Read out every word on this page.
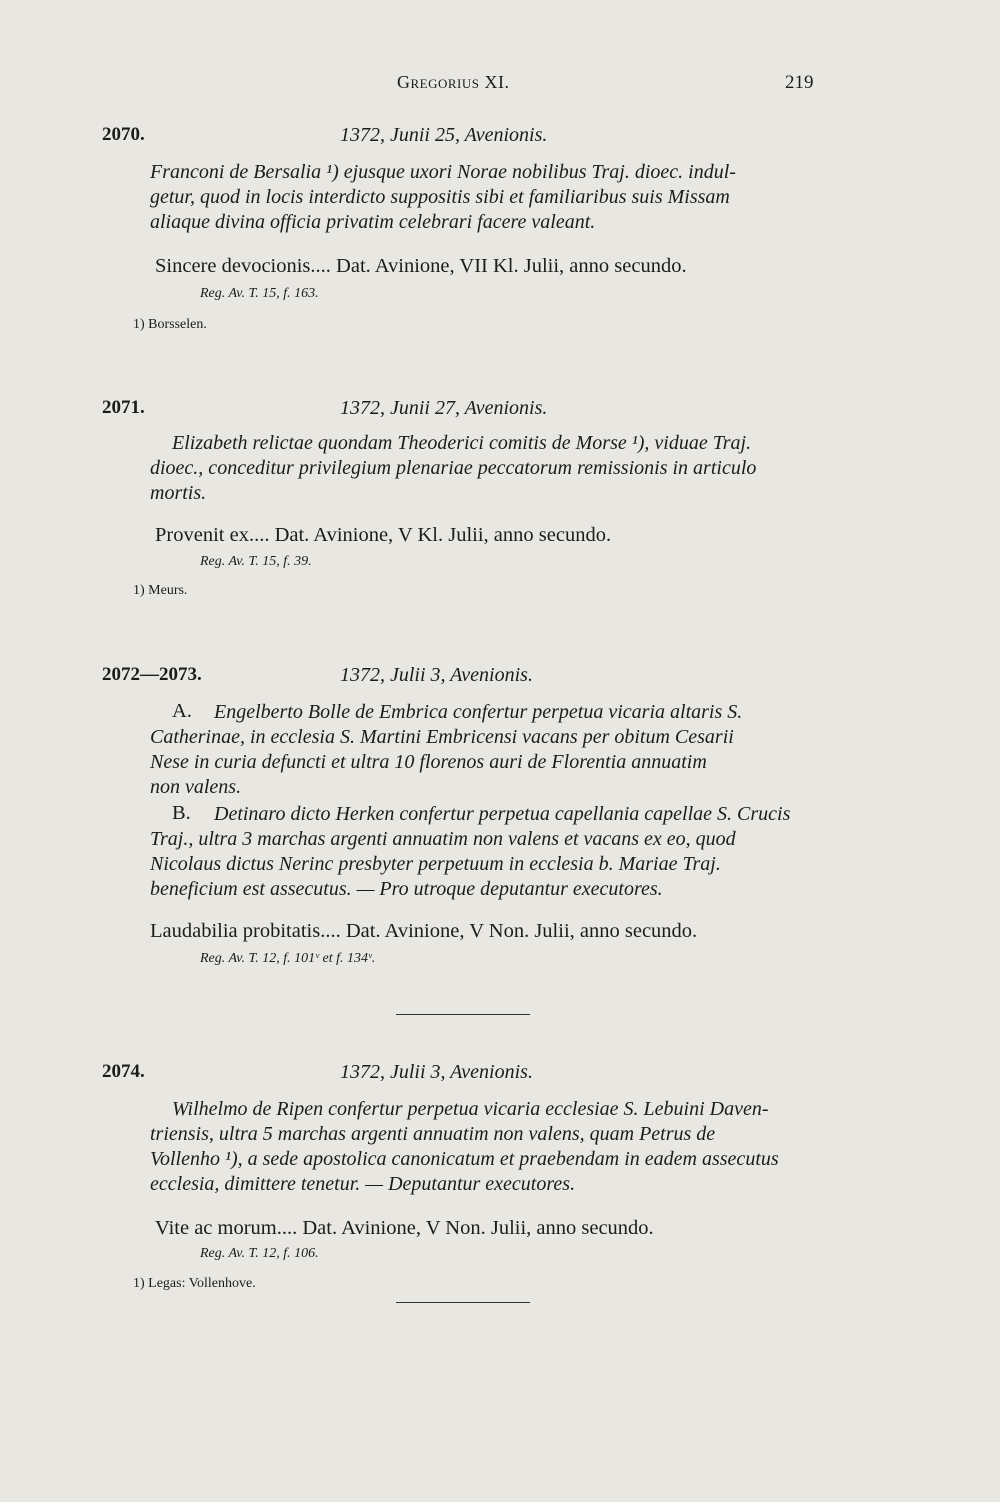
Gregorius XI.	219
2070.	1372, Junii 25, Avenionis.
Franconi de Bersalia ¹) ejusque uxori Norae nobilibus Traj. dioec. indul-
getur, quod in locis interdicto suppositis sibi et familiaribus suis Missam
aliaque divina officia privatim celebrari facere valeant.
Sincere devocionis.... Dat. Avinione, VII Kl. Julii, anno secundo.
Reg. Av. T. 15, f. 163.
1) Borsselen.
2071.	1372, Junii 27, Avenionis.
Elizabeth relictae quondam Theoderici comitis de Morse ¹), viduae Traj.
dioec., conceditur privilegium plenariae peccatorum remissionis in articulo
mortis.
Provenit ex.... Dat. Avinione, V Kl. Julii, anno secundo.
Reg. Av. T. 15, f. 39.
1) Meurs.
2072—2073.	1372, Julii 3, Avenionis.
A. Engelberto Bolle de Embrica confertur perpetua vicaria altaris S.
Catherinae, in ecclesia S. Martini Embricensi vacans per obitum Cesarii
Nese in curia defuncti et ultra 10 florenos auri de Florentia annuatim
non valens.
B. Detinaro dicto Herken confertur perpetua capellania capellae S. Crucis
Traj., ultra 3 marchas argenti annuatim non valens et vacans ex eo, quod
Nicolaus dictus Nerinc presbyter perpetuum in ecclesia b. Mariae Traj.
beneficium est assecutus. — Pro utroque deputantur executores.
Laudabilia probitatis.... Dat. Avinione, V Non. Julii, anno secundo.
Reg. Av. T. 12, f. 101ᵛ et f. 134ᵛ.
2074.	1372, Julii 3, Avenionis.
Wilhelmo de Ripen confertur perpetua vicaria ecclesiae S. Lebuini Daven-
triensis, ultra 5 marchas argenti annuatim non valens, quam Petrus de
Vollenho ¹), a sede apostolica canonicatum et praebendam in eadem assecutus
ecclesia, dimittere tenetur. — Deputantur executores.
Vite ac morum.... Dat. Avinione, V Non. Julii, anno secundo.
Reg. Av. T. 12, f. 106.
1) Legas: Vollenhove.
